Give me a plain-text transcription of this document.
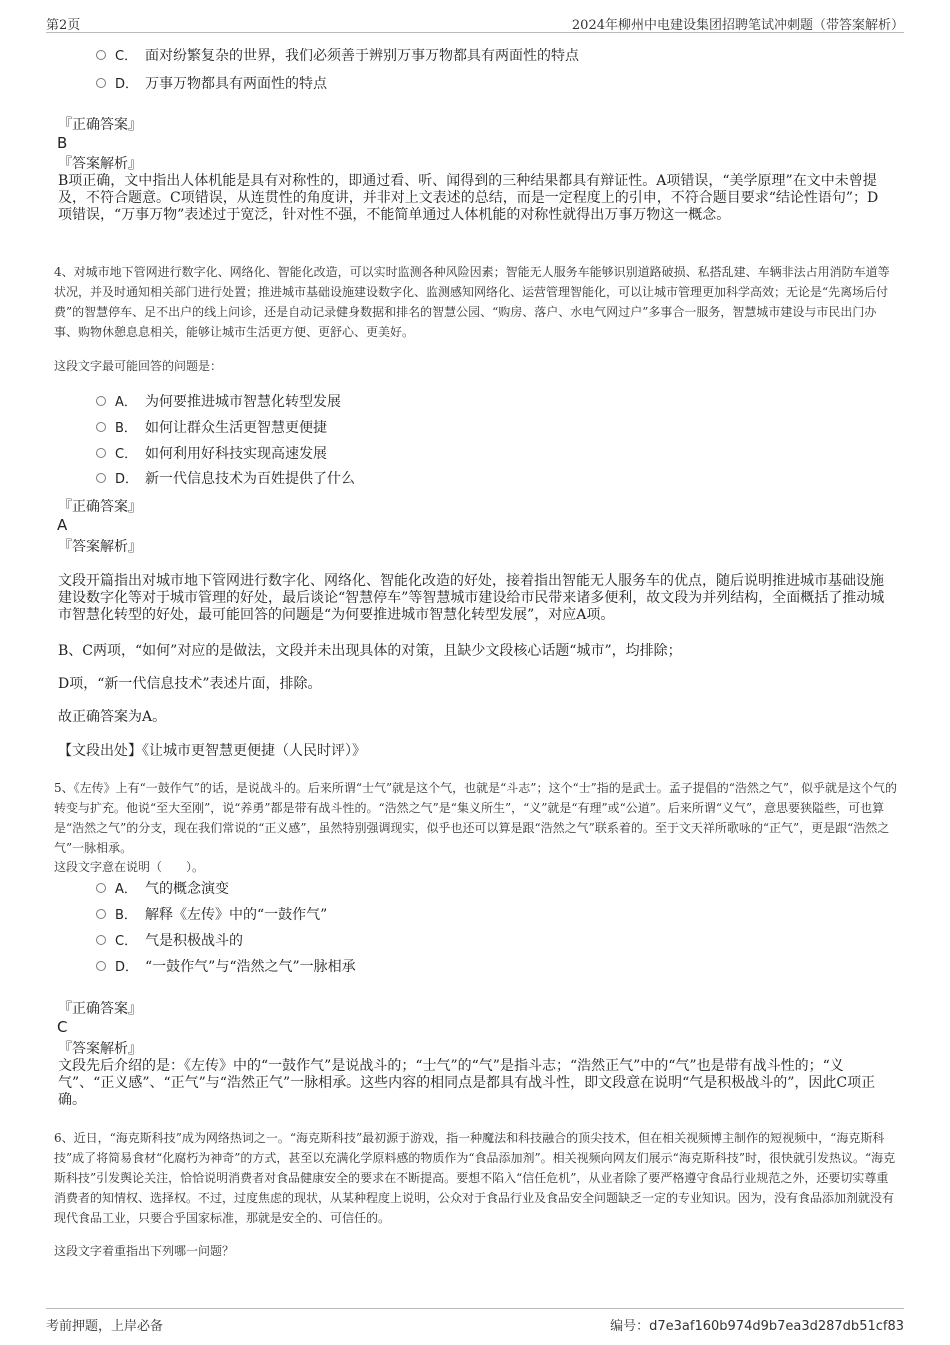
第2页	2024年柳州中电建设集团招聘笔试冲刺题（带答案解析）
C． 面对纷繁复杂的世界，我们必须善于辨别万事万物都具有两面性的特点
D． 万事万物都具有两面性的特点
『正确答案』
B
『答案解析』
B项正确，文中指出人体机能是具有对称性的，即通过看、听、闻得到的三种结果都具有辩证性。A项错误，“美学原理”在文中未曾提及，不符合题意。C项错误，从连贯性的角度讲，并非对上文表述的总结，而是一定程度上的引申，不符合题目要求“结论性语句”；D项错误，“万事万物”表述过于宽泛，针对性不强，不能简单通过人体机能的对称性就得出万事万物这一概念。
4、对城市地下管网进行数字化、网络化、智能化改造，可以实时监测各种风险因素；智能无人服务车能够识别道路破损、私搭乱建、车辆非法占用消防车道等状况，并及时通知相关部门进行处置；推进城市基础设施建设数字化、监测感知网络化、运营管理智能化，可以让城市管理更加科学高效；无论是“先离场后付费”的智慧停车、足不出户的线上问诊，还是自动记录健身数据和排名的智慧公园、“购房、落户、水电气网过户”多事合一服务，智慧城市建设与市民出门办事、购物休憩息息相关，能够让城市生活更方便、更舒心、更美好。
这段文字最可能回答的问题是：
A． 为何要推进城市智慧化转型发展
B． 如何让群众生活更智慧更便捷
C． 如何利用好科技实现高速发展
D． 新一代信息技术为百姓提供了什么
『正确答案』
A
『答案解析』
文段开篇指出对城市地下管网进行数字化、网络化、智能化改造的好处，接着指出智能无人服务车的优点，随后说明推进城市基础设施建设数字化等对于城市管理的好处，最后谈论“智慧停车”等智慧城市建设给市民带来诸多便利，故文段为并列结构，全面概括了推动城市智慧化转型的好处，最可能回答的问题是“为何要推进城市智慧化转型发展”，对应A项。
B、C两项，“如何”对应的是做法，文段并未出现具体的对策，且缺少文段核心话题“城市”，均排除；
D项，“新一代信息技术”表述片面，排除。
故正确答案为A。
【文段出处】《让城市更智慧更便捷（人民时评）》
5、《左传》上有“一鼓作气”的话，是说战斗的。后来所谓“士气”就是这个气，也就是“斗志”；这个“士”指的是武士。孟子提倡的“浩然之气”，似乎就是这个气的转变与扩充。他说“至大至刚”，说“养勇”都是带有战斗性的。“浩然之气”是“集义所生”，“义”就是“有理”或“公道”。后来所谓“义气”，意思要狭隘些，可也算是“浩然之气”的分支，现在我们常说的“正义感”，虽然特别强调现实，似乎也还可以算是跟“浩然之气”联系着的。至于文天祥所歌咏的“正气”，更是跟“浩然之气”一脉相承。
这段文字意在说明（　　）。
A． 气的概念演变
B． 解释《左传》中的“一鼓作气”
C． 气是积极战斗的
D． “一鼓作气”与“浩然之气”一脉相承
『正确答案』
C
『答案解析』
文段先后介绍的是：《左传》中的“一鼓作气”是说战斗的；“士气”的“气”是指斗志；“浩然正气”中的“气”也是带有战斗性的；“义气”、“正义感”、“正气”与“浩然正气”一脉相承。这些内容的相同点是都具有战斗性，即文段意在说明“气是积极战斗的”，因此C项正确。
6、近日，“海克斯科技”成为网络热词之一。“海克斯科技”最初源于游戏，指一种魔法和科技融合的顶尖技术，但在相关视频博主制作的短视频中，“海克斯科技”成了将简易食材“化腐朽为神奇”的方式，甚至以充满化学原料感的物质作为“食品添加剂”。相关视频向网友们展示“海克斯科技”时，很快就引发热议。“海克斯科技”引发舆论关注，恰恰说明消费者对食品健康安全的要求在不断提高。要想不陷入“信任危机”，从业者除了要严格遵守食品行业规范之外，还要切实尊重消费者的知情权、选择权。不过，过度焦虑的现状，从某种程度上说明，公众对于食品行业及食品安全问题缺乏一定的专业知识。因为，没有食品添加剂就没有现代食品工业，只要合乎国家标准，那就是安全的、可信任的。
这段文字着重指出下列哪一问题？
考前押题，上岸必备	编号：d7e3af160b974d9b7ea3d287db51cf83
